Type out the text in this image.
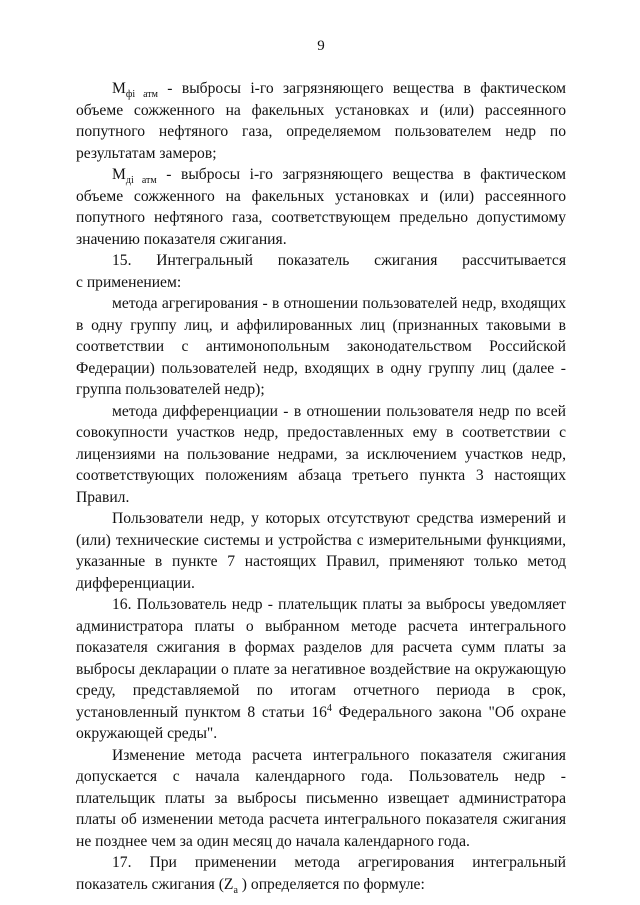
9

$M_{фi атм}$ - выбросы i-го загрязняющего вещества в фактическом объеме сожженного на факельных установках и (или) рассеянного попутного нефтяного газа, определяемом пользователем недр по результатам замеров;

$M_{дi атм}$ - выбросы i-го загрязняющего вещества в фактическом объеме сожженного на факельных установках и (или) рассеянного попутного нефтяного газа, соответствующем предельно допустимому значению показателя сжигания.

15. Интегральный показатель сжигания рассчитывается

с применением:

метода агрегирования - в отношении пользователей недр, входящих в одну группу лиц, и аффилированных лиц (признанных таковыми в соответствии с антимонопольным законодательством Российской Федерации) пользователей недр, входящих в одну группу лиц (далее - группа пользователей недр);

метода дифференциации - в отношении пользователя недр по всей совокупности участков недр, предоставленных ему в соответствии с лицензиями на пользование недрами, за исключением участков недр, соответствующих положениям абзаца третьего пункта 3 настоящих Правил.

Пользователи недр, у которых отсутствуют средства измерений и (или) технические системы и устройства с измерительными функциями, указанные в пункте 7 настоящих Правил, применяют только метод дифференциации.

16. Пользователь недр - плательщик платы за выбросы уведомляет администратора платы о выбранном методе расчета интегрального показателя сжигания в формах разделов для расчета сумм платы за выбросы декларации о плате за негативное воздействие на окружающую среду, представляемой по итогам отчетного периода в срок, установленный пунктом 8 статьи $16^4$ Федерального закона "Об охране окружающей среды".

Изменение метода расчета интегрального показателя сжигания допускается с начала календарного года. Пользователь недр - плательщик платы за выбросы письменно извещает администратора платы об изменении метода расчета интегрального показателя сжигания не позднее чем за один месяц до начала календарного года.

17. При применении метода агрегирования интегральный показатель сжигания ($Z_а$ ) определяется по формуле:
